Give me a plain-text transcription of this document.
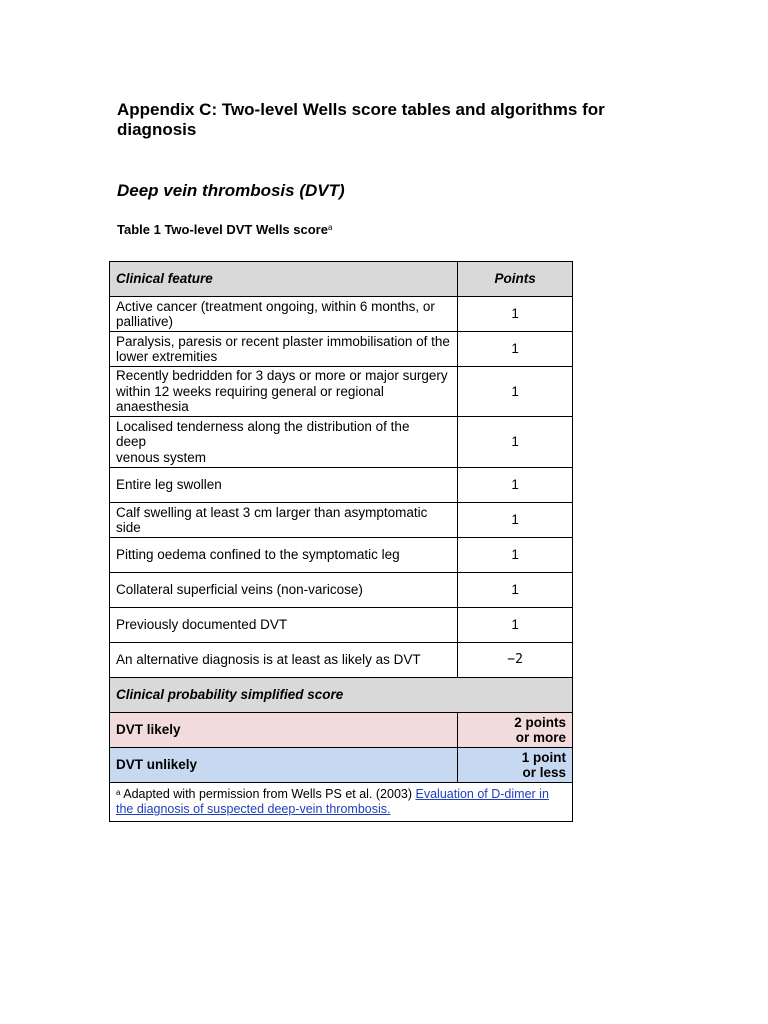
Appendix C: Two-level Wells score tables and algorithms for diagnosis
Deep vein thrombosis (DVT)

Table 1 Two-level DVT Wells score$^a$

Clinical feature	Points
Active cancer (treatment ongoing, within 6 months, or palliative)	1
Paralysis, paresis or recent plaster immobilisation of the lower extremities	1
Recently bedridden for 3 days or more or major surgery within 12 weeks requiring general or regional anaesthesia	1
Localised tenderness along the distribution of the
deep
venous system	1
Entire leg swollen	1
Calf swelling at least 3 cm larger than asymptomatic side	1
Pitting oedema confined to the symptomatic leg	1
Collateral superficial veins (non-varicose)	1
Previously documented DVT	1
An alternative diagnosis is at least as likely as DVT	−2
Clinical probability simplified score	
DVT likely	2 points
or more
DVT unlikely	1 point
or less
$^a$ Adapted with permission from Wells PS et al. (2003) Evaluation of D-dimer in the diagnosis of suspected deep-vein thrombosis.	
